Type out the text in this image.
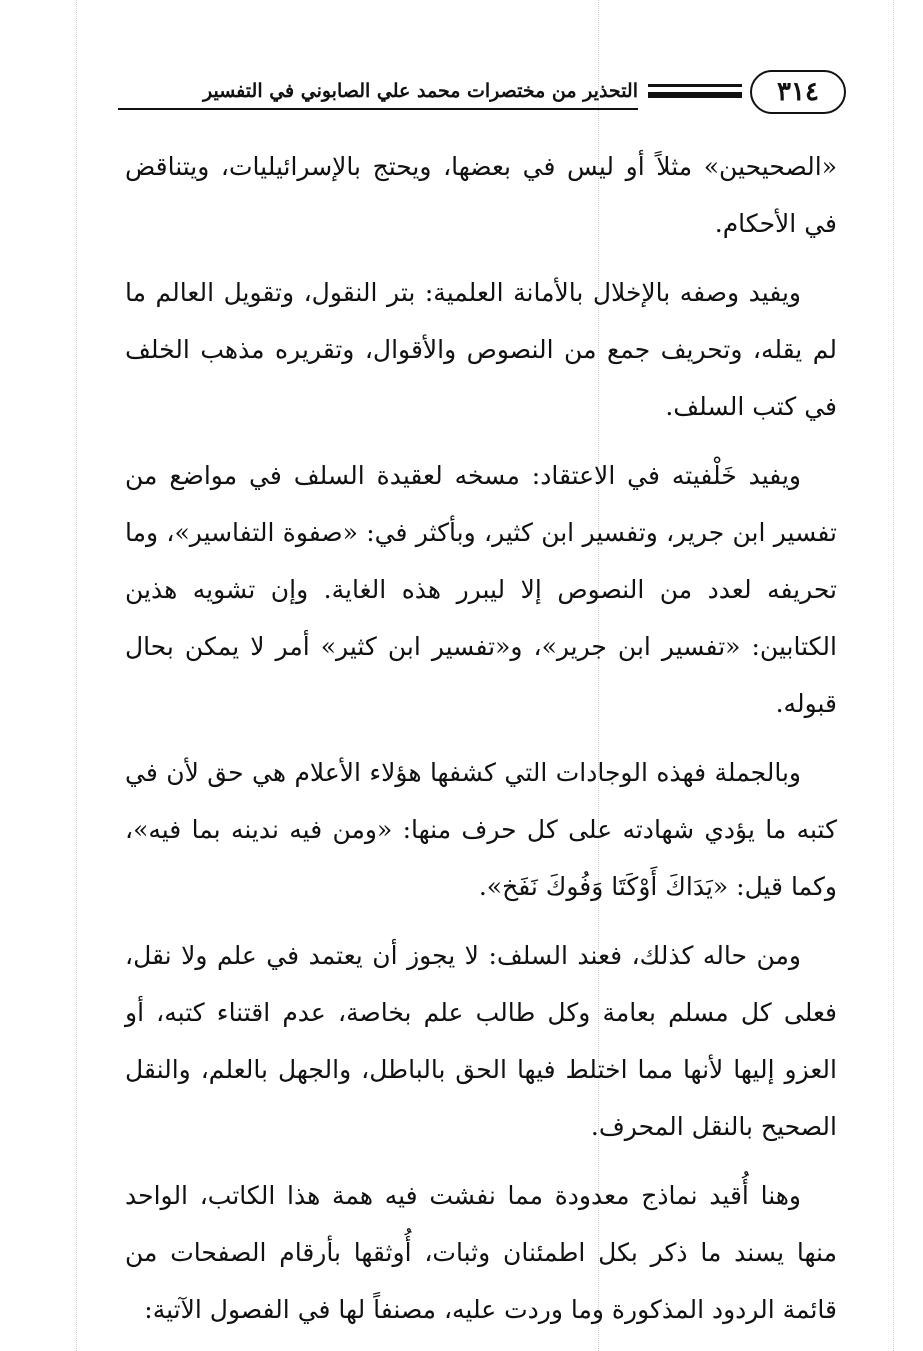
٣١٤
التحذير من مختصرات محمد علي الصابوني في التفسير

«الصحيحين» مثلاً أو ليس في بعضها، ويحتج بالإسرائيليات، ويتناقض في الأحكام.

ويفيد وصفه بالإخلال بالأمانة العلمية: بتر النقول، وتقويل العالم ما لم يقله، وتحريف جمع من النصوص والأقوال، وتقريره مذهب الخلف في كتب السلف.

ويفيد خَلْفيته في الاعتقاد: مسخه لعقيدة السلف في مواضع من تفسير ابن جرير، وتفسير ابن كثير، وبأكثر في: «صفوة التفاسير»، وما تحريفه لعدد من النصوص إلا ليبرر هذه الغاية. وإن تشويه هذين الكتابين: «تفسير ابن جرير»، و«تفسير ابن كثير» أمر لا يمكن بحال قبوله.

وبالجملة فهذه الوجادات التي كشفها هؤلاء الأعلام هي حق لأن في كتبه ما يؤدي شهادته على كل حرف منها: «ومن فيه ندينه بما فيه»، وكما قيل: «يَدَاكَ أَوْكَتَا وَفُوكَ نَفَخ».

ومن حاله كذلك، فعند السلف: لا يجوز أن يعتمد في علم ولا نقل، فعلى كل مسلم بعامة وكل طالب علم بخاصة، عدم اقتناء كتبه، أو العزو إليها لأنها مما اختلط فيها الحق بالباطل، والجهل بالعلم، والنقل الصحيح بالنقل المحرف.

وهنا أُقيد نماذج معدودة مما نفشت فيه همة هذا الكاتب، الواحد منها يسند ما ذكر بكل اطمئنان وثبات، أُوثقها بأرقام الصفحات من قائمة الردود المذكورة وما وردت عليه، مصنفاً لها في الفصول الآتية:
